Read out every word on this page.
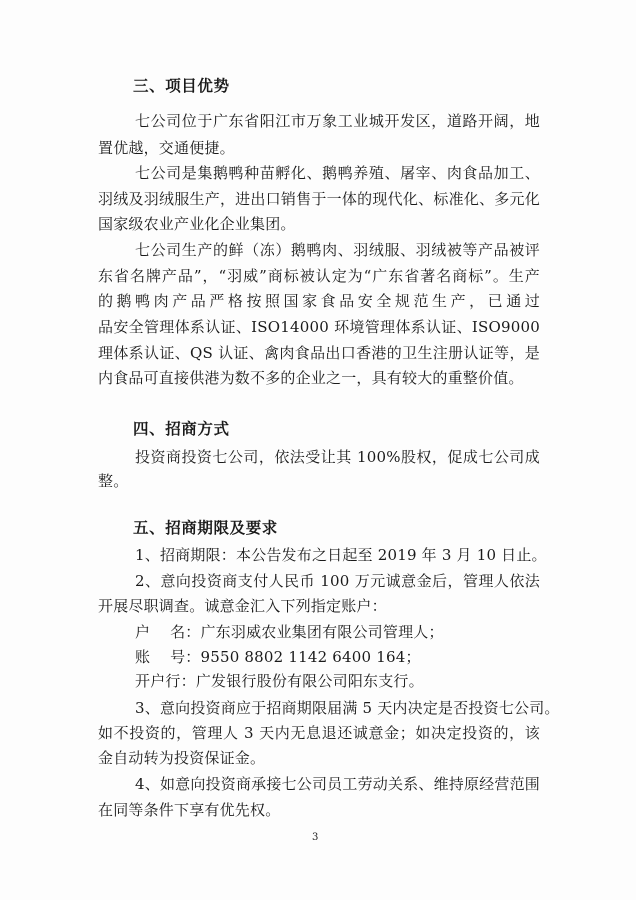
三、项目优势
七公司位于广东省阳江市万象工业城开发区，道路开阔，地
置优越，交通便捷。
七公司是集鹅鸭种苗孵化、鹅鸭养殖、屠宰、肉食品加工、
羽绒及羽绒服生产，进出口销售于一体的现代化、标准化、多元化
国家级农业产业化企业集团。
七公司生产的鲜（冻）鹅鸭肉、羽绒服、羽绒被等产品被评
东省名牌产品”，“羽威”商标被认定为“广东省著名商标”。生产
的鹅鸭肉产品严格按照国家食品安全规范生产，已通过
品安全管理体系认证、ISO14000 环境管理体系认证、ISO9000
理体系认证、QS 认证、禽肉食品出口香港的卫生注册认证等，是
内食品可直接供港为数不多的企业之一，具有较大的重整价值。
四、招商方式
投资商投资七公司，依法受让其 100%股权，促成七公司成
整。
五、招商期限及要求
1、招商期限：本公告发布之日起至 2019 年 3 月 10 日止。
2、意向投资商支付人民币 100 万元诚意金后，管理人依法
开展尽职调查。诚意金汇入下列指定账户：
户    名：广东羽威农业集团有限公司管理人；
账    号：9550 8802 1142 6400 164；
开户行：广发银行股份有限公司阳东支行。
3、意向投资商应于招商期限届满 5 天内决定是否投资七公司。
如不投资的，管理人 3 天内无息退还诚意金；如决定投资的，该
金自动转为投资保证金。
4、如意向投资商承接七公司员工劳动关系、维持原经营范围
在同等条件下享有优先权。
3
